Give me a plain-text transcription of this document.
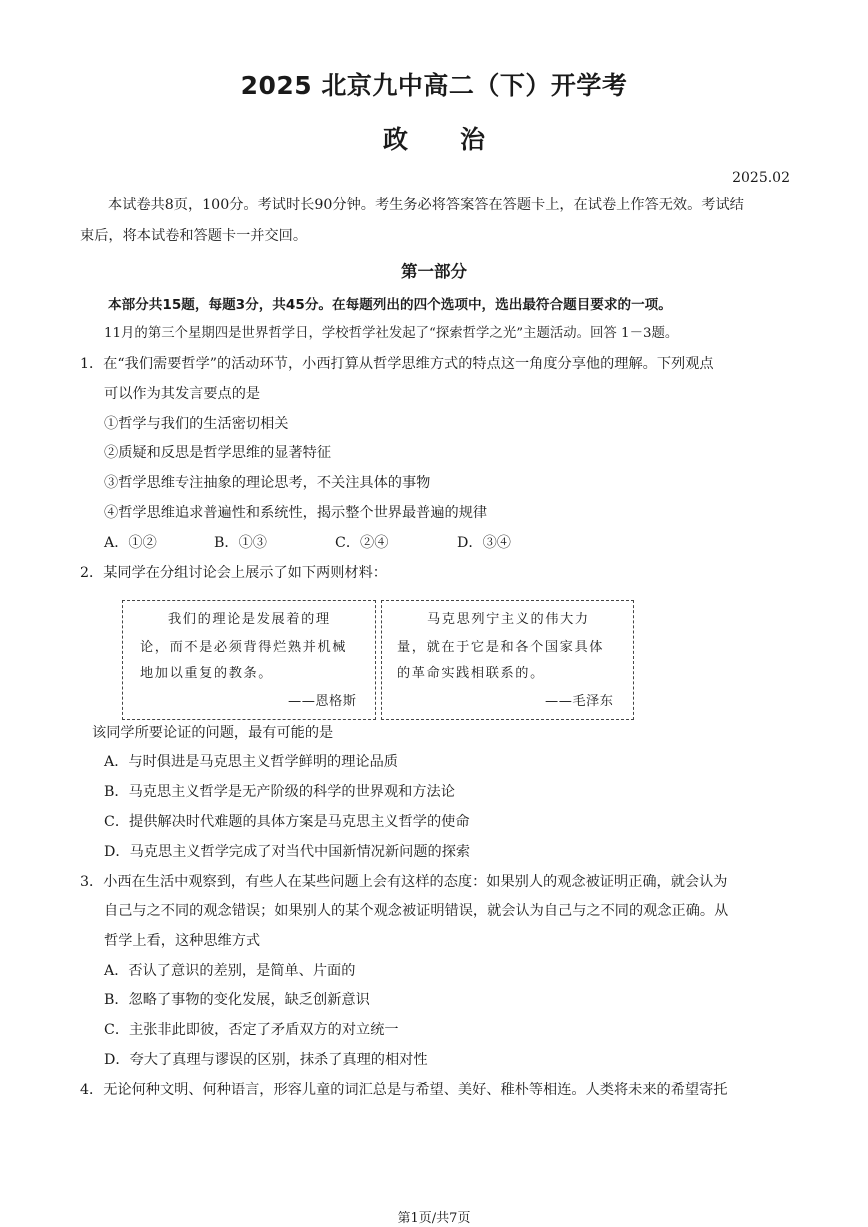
2025 北京九中高二（下）开学考
政 治
2025.02
本试卷共8页，100分。考试时长90分钟。考生务必将答案答在答题卡上，在试卷上作答无效。考试结
束后，将本试卷和答题卡一并交回。
第一部分
本部分共15题，每题3分，共45分。在每题列出的四个选项中，选出最符合题目要求的一项。
11月的第三个星期四是世界哲学日，学校哲学社发起了“探索哲学之光”主题活动。回答 1－3题。
1．在“我们需要哲学”的活动环节，小西打算从哲学思维方式的特点这一角度分享他的理解。下列观点
可以作为其发言要点的是
①哲学与我们的生活密切相关
②质疑和反思是哲学思维的显著特征
③哲学思维专注抽象的理论思考，不关注具体的事物
④哲学思维追求普遍性和系统性，揭示整个世界最普遍的规律
A．①②	B．①③	C．②④	D．③④
2．某同学在分组讨论会上展示了如下两则材料：
我们的理论是发展着的理
论，而不是必须背得烂熟并机械
地加以重复的教条。
——恩格斯
马克思列宁主义的伟大力
量，就在于它是和各个国家具体
的革命实践相联系的。
——毛泽东
该同学所要论证的问题，最有可能的是
A．与时俱进是马克思主义哲学鲜明的理论品质
B．马克思主义哲学是无产阶级的科学的世界观和方法论
C．提供解决时代难题的具体方案是马克思主义哲学的使命
D．马克思主义哲学完成了对当代中国新情况新问题的探索
3．小西在生活中观察到，有些人在某些问题上会有这样的态度：如果别人的观念被证明正确，就会认为
自己与之不同的观念错误；如果别人的某个观念被证明错误，就会认为自己与之不同的观念正确。从
哲学上看，这种思维方式
A．否认了意识的差别，是简单、片面的
B．忽略了事物的变化发展，缺乏创新意识
C．主张非此即彼，否定了矛盾双方的对立统一
D．夸大了真理与谬误的区别，抹杀了真理的相对性
4．无论何种文明、何种语言，形容儿童的词汇总是与希望、美好、稚朴等相连。人类将未来的希望寄托
第1页/共7页
